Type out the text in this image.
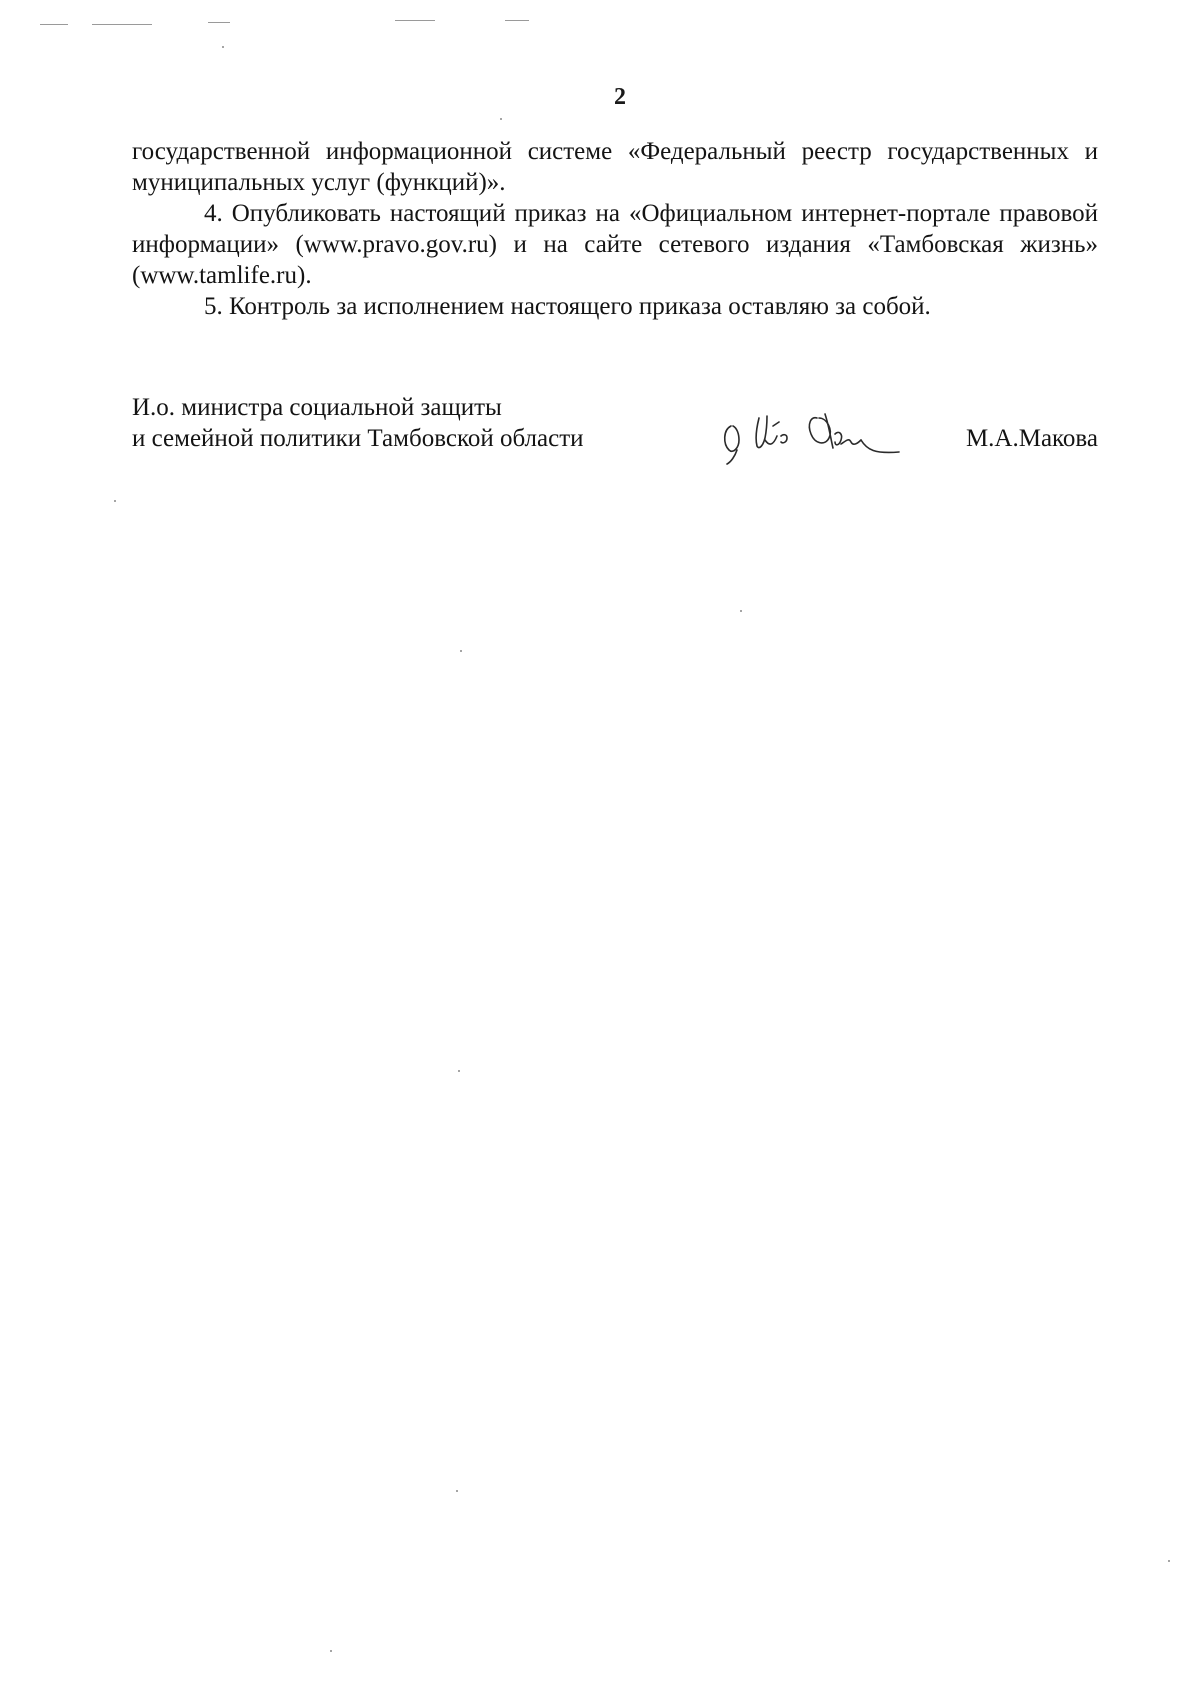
2

государственной информационной системе «Федеральный реестр государственных и муниципальных услуг (функций)».

4. Опубликовать настоящий приказ на «Официальном интернет-портале правовой информации» (www.pravo.gov.ru) и на сайте сетевого издания «Тамбовская жизнь» (www.tamlife.ru).

5. Контроль за исполнением настоящего приказа оставляю за собой.

И.о. министра социальной защиты
и семейной политики Тамбовской области	М.А.Макова
